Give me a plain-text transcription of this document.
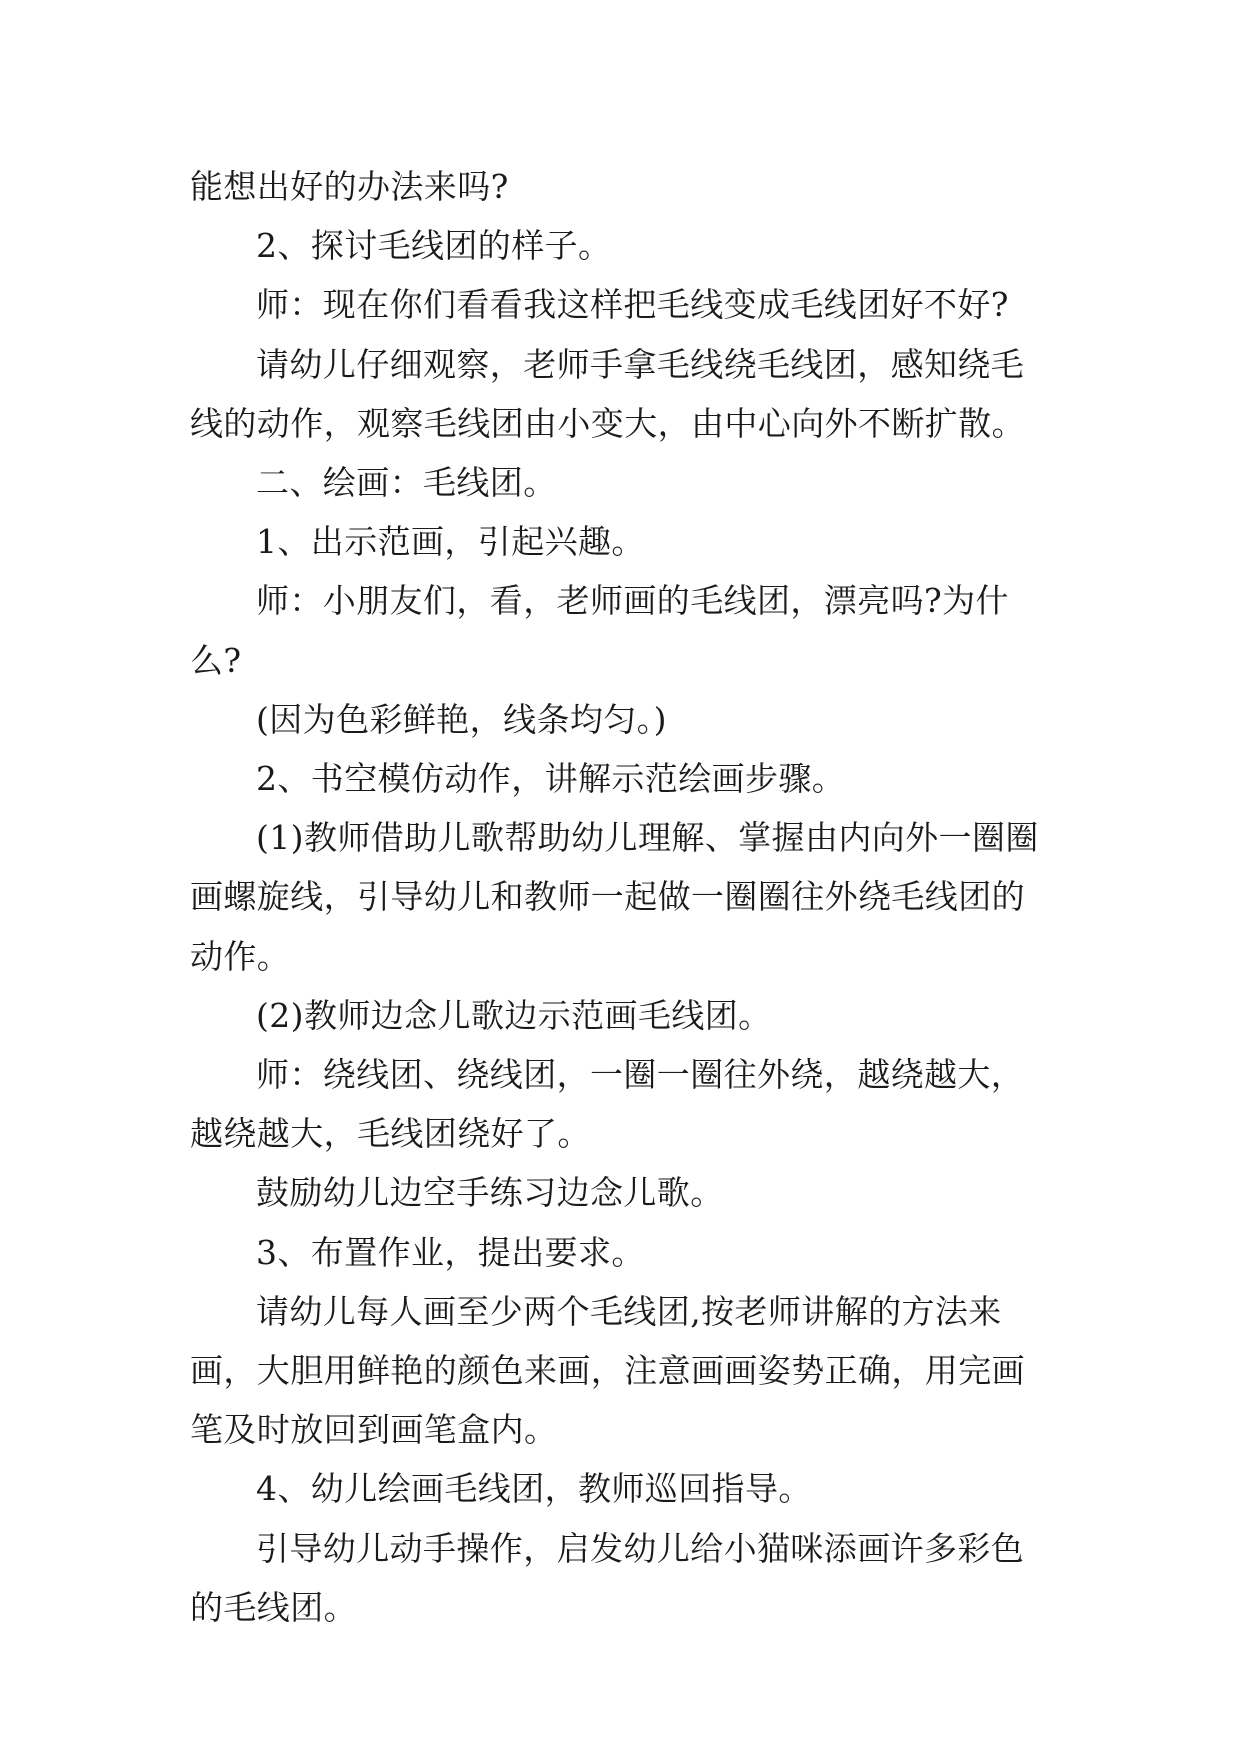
能想出好的办法来吗?

2、探讨毛线团的样子。

师：现在你们看看我这样把毛线变成毛线团好不好?

请幼儿仔细观察，老师手拿毛线绕毛线团，感知绕毛线的动作，观察毛线团由小变大，由中心向外不断扩散。

二、绘画：毛线团。

1、出示范画，引起兴趣。

师：小朋友们，看，老师画的毛线团，漂亮吗?为什么?

(因为色彩鲜艳，线条均匀。)

2、书空模仿动作，讲解示范绘画步骤。

(1)教师借助儿歌帮助幼儿理解、掌握由内向外一圈圈画螺旋线，引导幼儿和教师一起做一圈圈往外绕毛线团的动作。

(2)教师边念儿歌边示范画毛线团。

师：绕线团、绕线团，一圈一圈往外绕，越绕越大，越绕越大，毛线团绕好了。

鼓励幼儿边空手练习边念儿歌。

3、布置作业，提出要求。

请幼儿每人画至少两个毛线团,按老师讲解的方法来画，大胆用鲜艳的颜色来画，注意画画姿势正确，用完画笔及时放回到画笔盒内。

4、幼儿绘画毛线团，教师巡回指导。

引导幼儿动手操作，启发幼儿给小猫咪添画许多彩色的毛线团。
